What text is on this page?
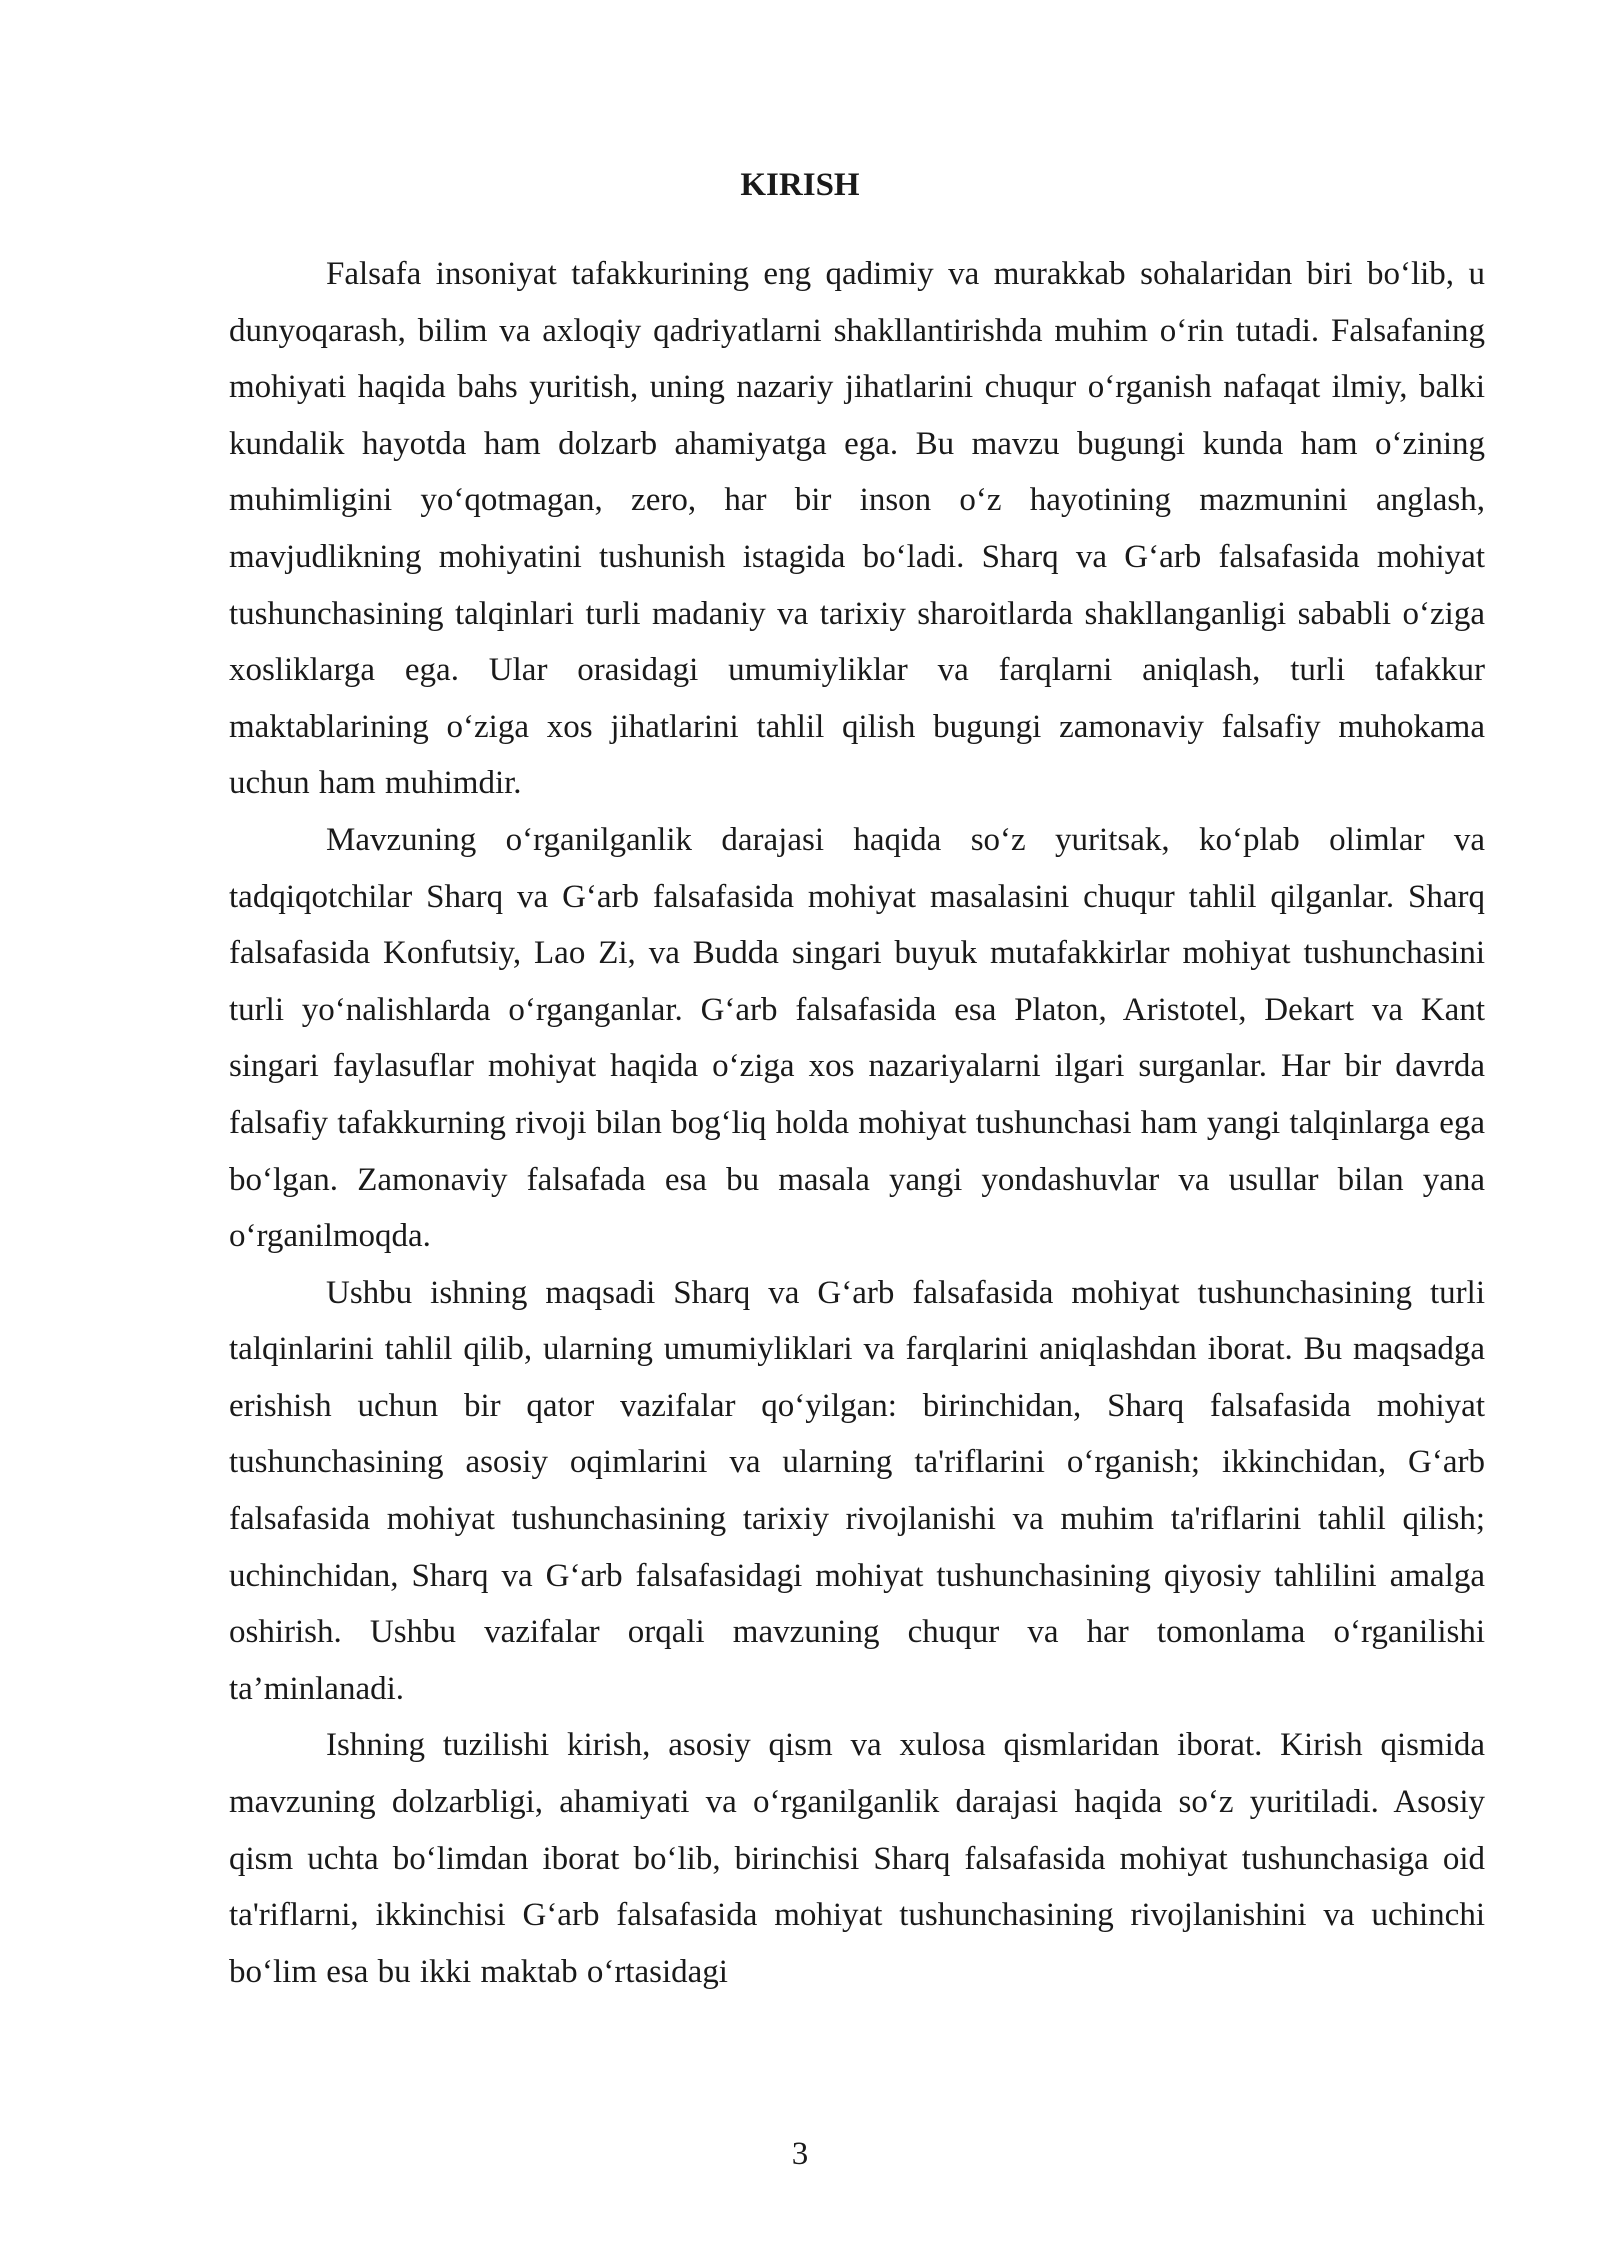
KIRISH

Falsafa insoniyat tafakkurining eng qadimiy va murakkab sohalaridan biri bo‘lib, u dunyoqarash, bilim va axloqiy qadriyatlarni shakllantirishda muhim o‘rin tutadi. Falsafaning mohiyati haqida bahs yuritish, uning nazariy jihatlarini chuqur o‘rganish nafaqat ilmiy, balki kundalik hayotda ham dolzarb ahamiyatga ega. Bu mavzu bugungi kunda ham o‘zining muhimligini yo‘qotmagan, zero, har bir inson o‘z hayotining mazmunini anglash, mavjudlikning mohiyatini tushunish istagida bo‘ladi. Sharq va G‘arb falsafasida mohiyat tushunchasining talqinlari turli madaniy va tarixiy sharoitlarda shakllanganligi sababli o‘ziga xosliklarga ega. Ular orasidagi umumiyliklar va farqlarni aniqlash, turli tafakkur maktablarining o‘ziga xos jihatlarini tahlil qilish bugungi zamonaviy falsafiy muhokama uchun ham muhimdir.

Mavzuning o‘rganilganlik darajasi haqida so‘z yuritsak, ko‘plab olimlar va tadqiqotchilar Sharq va G‘arb falsafasida mohiyat masalasini chuqur tahlil qilganlar. Sharq falsafasida Konfutsiy, Lao Zi, va Budda singari buyuk mutafakkirlar mohiyat tushunchasini turli yo‘nalishlarda o‘rganganlar. G‘arb falsafasida esa Platon, Aristotel, Dekart va Kant singari faylasuflar mohiyat haqida o‘ziga xos nazariyalarni ilgari surganlar. Har bir davrda falsafiy tafakkurning rivoji bilan bog‘liq holda mohiyat tushunchasi ham yangi talqinlarga ega bo‘lgan. Zamonaviy falsafada esa bu masala yangi yondashuvlar va usullar bilan yana o‘rganilmoqda.

Ushbu ishning maqsadi Sharq va G‘arb falsafasida mohiyat tushunchasining turli talqinlarini tahlil qilib, ularning umumiyliklari va farqlarini aniqlashdan iborat. Bu maqsadga erishish uchun bir qator vazifalar qo‘yilgan: birinchidan, Sharq falsafasida mohiyat tushunchasining asosiy oqimlarini va ularning ta'riflarini o‘rganish; ikkinchidan, G‘arb falsafasida mohiyat tushunchasining tarixiy rivojlanishi va muhim ta'riflarini tahlil qilish; uchinchidan, Sharq va G‘arb falsafasidagi mohiyat tushunchasining qiyosiy tahlilini amalga oshirish. Ushbu vazifalar orqali mavzuning chuqur va har tomonlama o‘rganilishi ta’minlanadi.

Ishning tuzilishi kirish, asosiy qism va xulosa qismlaridan iborat. Kirish qismida mavzuning dolzarbligi, ahamiyati va o‘rganilganlik darajasi haqida so‘z yuritiladi. Asosiy qism uchta bo‘limdan iborat bo‘lib, birinchisi Sharq falsafasida mohiyat tushunchasiga oid ta'riflarni, ikkinchisi G‘arb falsafasida mohiyat tushunchasining rivojlanishini va uchinchi bo‘lim esa bu ikki maktab o‘rtasidagi

3
